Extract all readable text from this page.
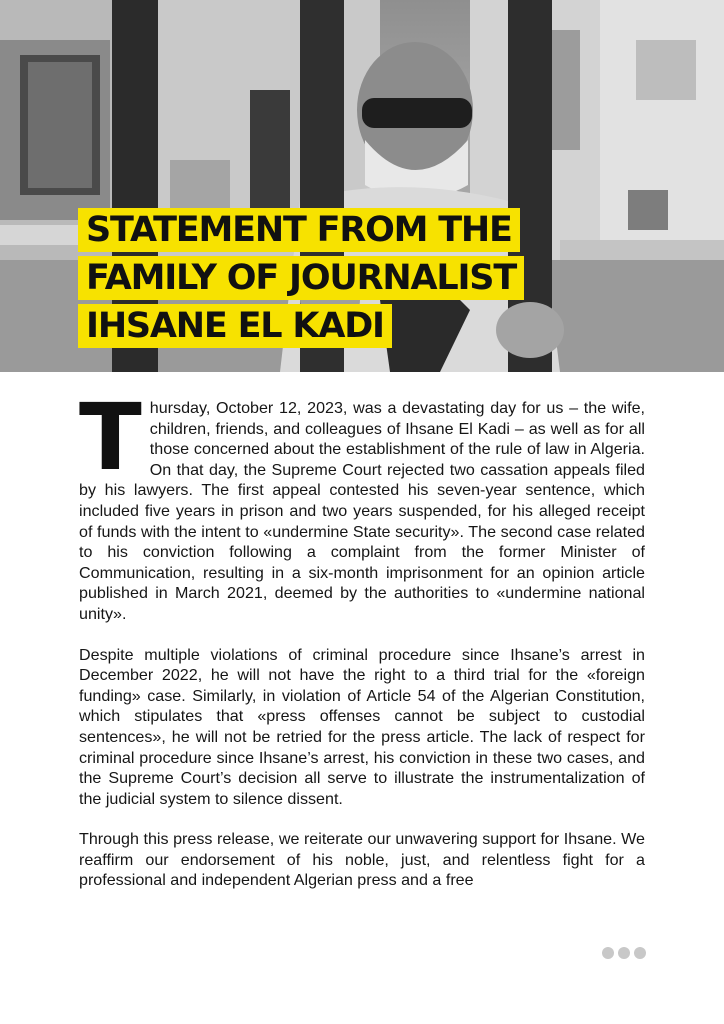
STATEMENT FROM THE
FAMILY OF JOURNALIST
IHSANE EL KADI

Thursday, October 12, 2023, was a devastating day for us – the wife, children, friends, and colleagues of Ihsane El Kadi – as well as for all those concerned about the establishment of the rule of law in Algeria. On that day, the Supreme Court rejected two cassation appeals filed by his lawyers. The first appeal contested his seven-year sentence, which included five years in prison and two years suspended, for his alleged receipt of funds with the intent to «undermine State security». The second case related to his conviction following a complaint from the former Minister of Communication, resulting in a six-month imprisonment for an opinion article published in March 2021, deemed by the authorities to «undermine national unity».

Despite multiple violations of criminal procedure since Ihsane’s arrest in December 2022, he will not have the right to a third trial for the «foreign funding» case. Similarly, in violation of Article 54 of the Algerian Constitution, which stipulates that «press offenses cannot be subject to custodial sentences», he will not be retried for the press article. The lack of respect for criminal procedure since Ihsane’s arrest, his conviction in these two cases, and the Supreme Court’s decision all serve to illustrate the instrumentalization of the judicial system to silence dissent.

Through this press release, we reiterate our unwavering support for Ihsane. We reaffirm our endorsement of his noble, just, and relentless fight for a professional and independent Algerian press and a free
